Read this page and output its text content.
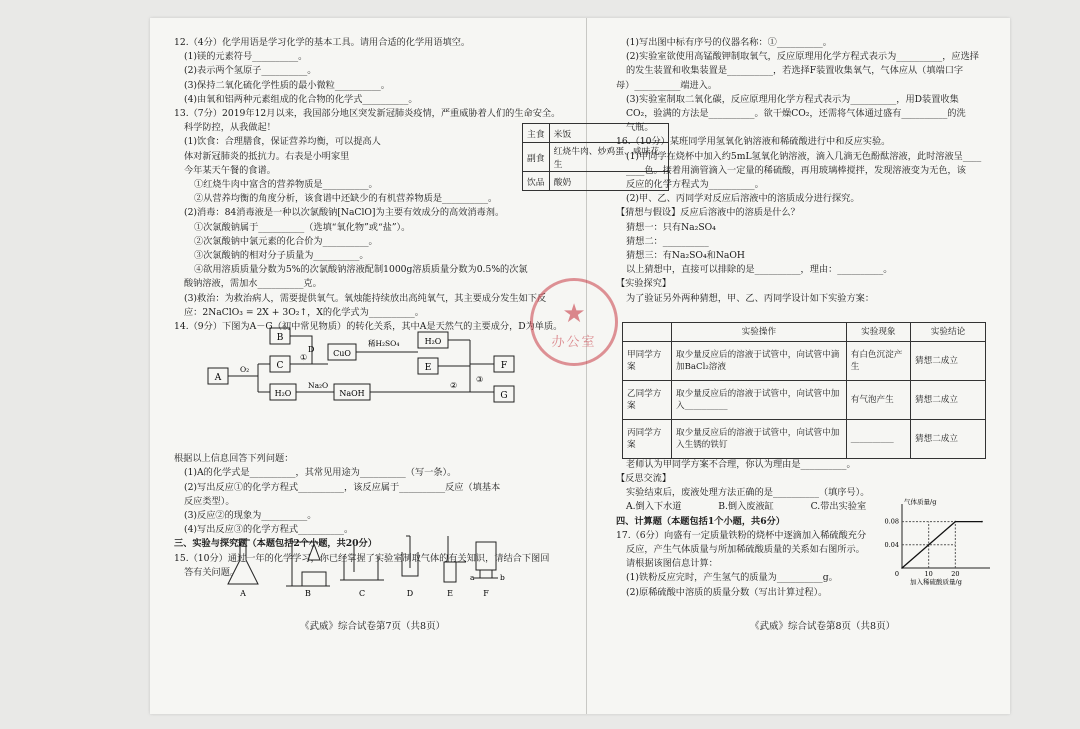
12.（4分）化学用语是学习化学的基本工具。请用合适的化学用语填空。
(1)镁的元素符号__________。
(2)表示两个氢原子__________。
(3)保持二氧化硫化学性质的最小微粒__________。
(4)由氧和铝两种元素组成的化合物的化学式__________。
13.（7分）2019年12月以来，我国部分地区突发新冠肺炎疫情，严重威胁着人们的生命安全。
科学防控，从我做起！
(1)饮食：合理膳食，保证营养均衡，可以提高人
体对新冠肺炎的抵抗力。右表是小明家里
今年某天午餐的食谱。
①红烧牛肉中富含的营养物质是__________。
②从营养均衡的角度分析，该食谱中还缺少的有机营养物质是__________。
(2)消毒：84消毒液是一种以次氯酸钠[NaClO]为主要有效成分的高效消毒剂。
①次氯酸钠属于__________（选填“氧化物”或“盐”）。
②次氯酸钠中氯元素的化合价为__________。
③次氯酸钠的相对分子质量为__________。
④欲用溶质质量分数为5%的次氯酸钠溶液配制1000g溶质质量分数为0.5%的次氯
酸钠溶液，需加水__________克。
(3)救治：为救治病人，需要提供氧气。氧烛能持续放出高纯氧气，其主要成分发生如下反
应：2NaClO₃ = 2X + 3O₂↑，X的化学式为__________。
14.（9分）下图为A－G（初中常见物质）的转化关系，其中A是天然气的主要成分，D为单质。
根据以上信息回答下列问题：
(1)A的化学式是__________，其常见用途为__________（写一条）。
(2)写出反应①的化学方程式__________，该反应属于__________反应（填基本
反应类型）。
(3)反应②的现象为__________。
(4)写出反应③的化学方程式__________。
三、实验与探究题（本题包括2个小题，共20分）
15.（10分）通过一年的化学学习，你已经掌握了实验室制取气体的有关知识，请结合下图回
答有关问题。
主食	米饭
副食	红烧牛肉、炒鸡蛋、咸味花生
饮品	酸奶
(1)写出图中标有序号的仪器名称：①__________。
(2)实验室欲使用高锰酸钾制取氧气，反应原理用化学方程式表示为__________，应选择
的发生装置和收集装置是__________，若选择F装置收集氧气，气体应从（填端口字
母）__________端进入。
(3)实验室制取二氧化碳，反应原理用化学方程式表示为__________，用D装置收集
CO₂，验满的方法是__________。欲干燥CO₂，还需将气体通过盛有__________的洗
气瓶。
16.（10分）某班同学用氢氧化钠溶液和稀硫酸进行中和反应实验。
(1)甲同学在烧杯中加入约5mL氢氧化钠溶液，滴入几滴无色酚酞溶液，此时溶液呈____
____色。接着用滴管滴入一定量的稀硫酸，再用玻璃棒搅拌，发现溶液变为无色，该
反应的化学方程式为__________。
(2)甲、乙、丙同学对反应后溶液中的溶质成分进行探究。
【猜想与假设】反应后溶液中的溶质是什么？
猜想一：只有Na₂SO₄
猜想二：__________
猜想三：有Na₂SO₄和NaOH
以上猜想中，直接可以排除的是__________，理由：__________。
【实验探究】
为了验证另外两种猜想，甲、乙、丙同学设计如下实验方案：
老师认为甲同学方案不合理，你认为理由是__________。
【反思交流】
实验结束后，废液处理方法正确的是__________（填序号）。
A.倒入下水道　　　　B.倒入废液缸　　　　C.带出实验室
四、计算题（本题包括1个小题，共6分）
17.（6分）向盛有一定质量铁粉的烧杯中逐滴加入稀硫酸充分
反应，产生气体质量与所加稀硫酸质量的关系如右图所示。
请根据该图信息计算：
(1)铁粉反应完时，产生氢气的质量为__________g。
(2)原稀硫酸中溶质的质量分数（写出计算过程）。
	实验操作	实验现象	实验结论
甲同学方案	取少量反应后的溶液于试管中，向试管中滴加BaCl₂溶液	有白色沉淀产生	猜想二成立
乙同学方案	取少量反应后的溶液于试管中，向试管中加入__________	有气泡产生	猜想二成立
丙同学方案	取少量反应后的溶液于试管中，向试管中加入生锈的铁钉	__________	猜想二成立
《武威》综合试卷第7页（共8页）	《武威》综合试卷第8页（共8页）
A
B
C
CuO
H₂O
H₂O
E
NaOH
F
G
D
O₂
①
稀H₂SO₄
Na₂O	②
③
a	b
A	B	C	D	E	F
气体质量/g
加入稀硫酸质量/g
0.08
0.04
10	20
0
★
办公室
